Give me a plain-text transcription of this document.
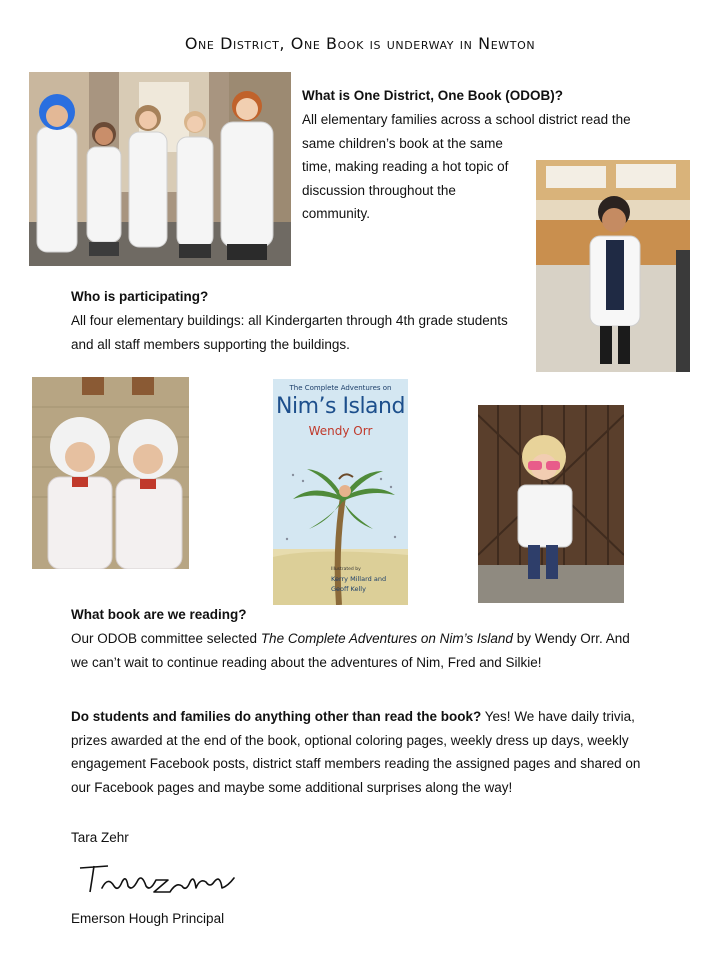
One District, One Book is underway in Newton
What is One District, One Book (ODOB)?
All elementary families across a school district read the
same children’s book at the same
time, making reading a hot topic of
discussion throughout the
community.
Who is participating?
All four elementary buildings: all Kindergarten through 4th grade students
and all staff members supporting the buildings.
The Complete Adventures on
Nim’s Island
Wendy Orr
Illustrated by
Kerry Millard and
Geoff Kelly
What book are we reading?
Our ODOB committee selected The Complete Adventures on Nim’s Island by Wendy Orr. And
we can’t wait to continue reading about the adventures of Nim, Fred and Silkie!
Do students and families do anything other than read the book? Yes! We have daily trivia,
prizes awarded at the end of the book, optional coloring pages, weekly dress up days, weekly
engagement Facebook posts, district staff members reading the assigned pages and shared on
our Facebook pages and maybe some additional surprises along the way!
Tara Zehr
Emerson Hough Principal
